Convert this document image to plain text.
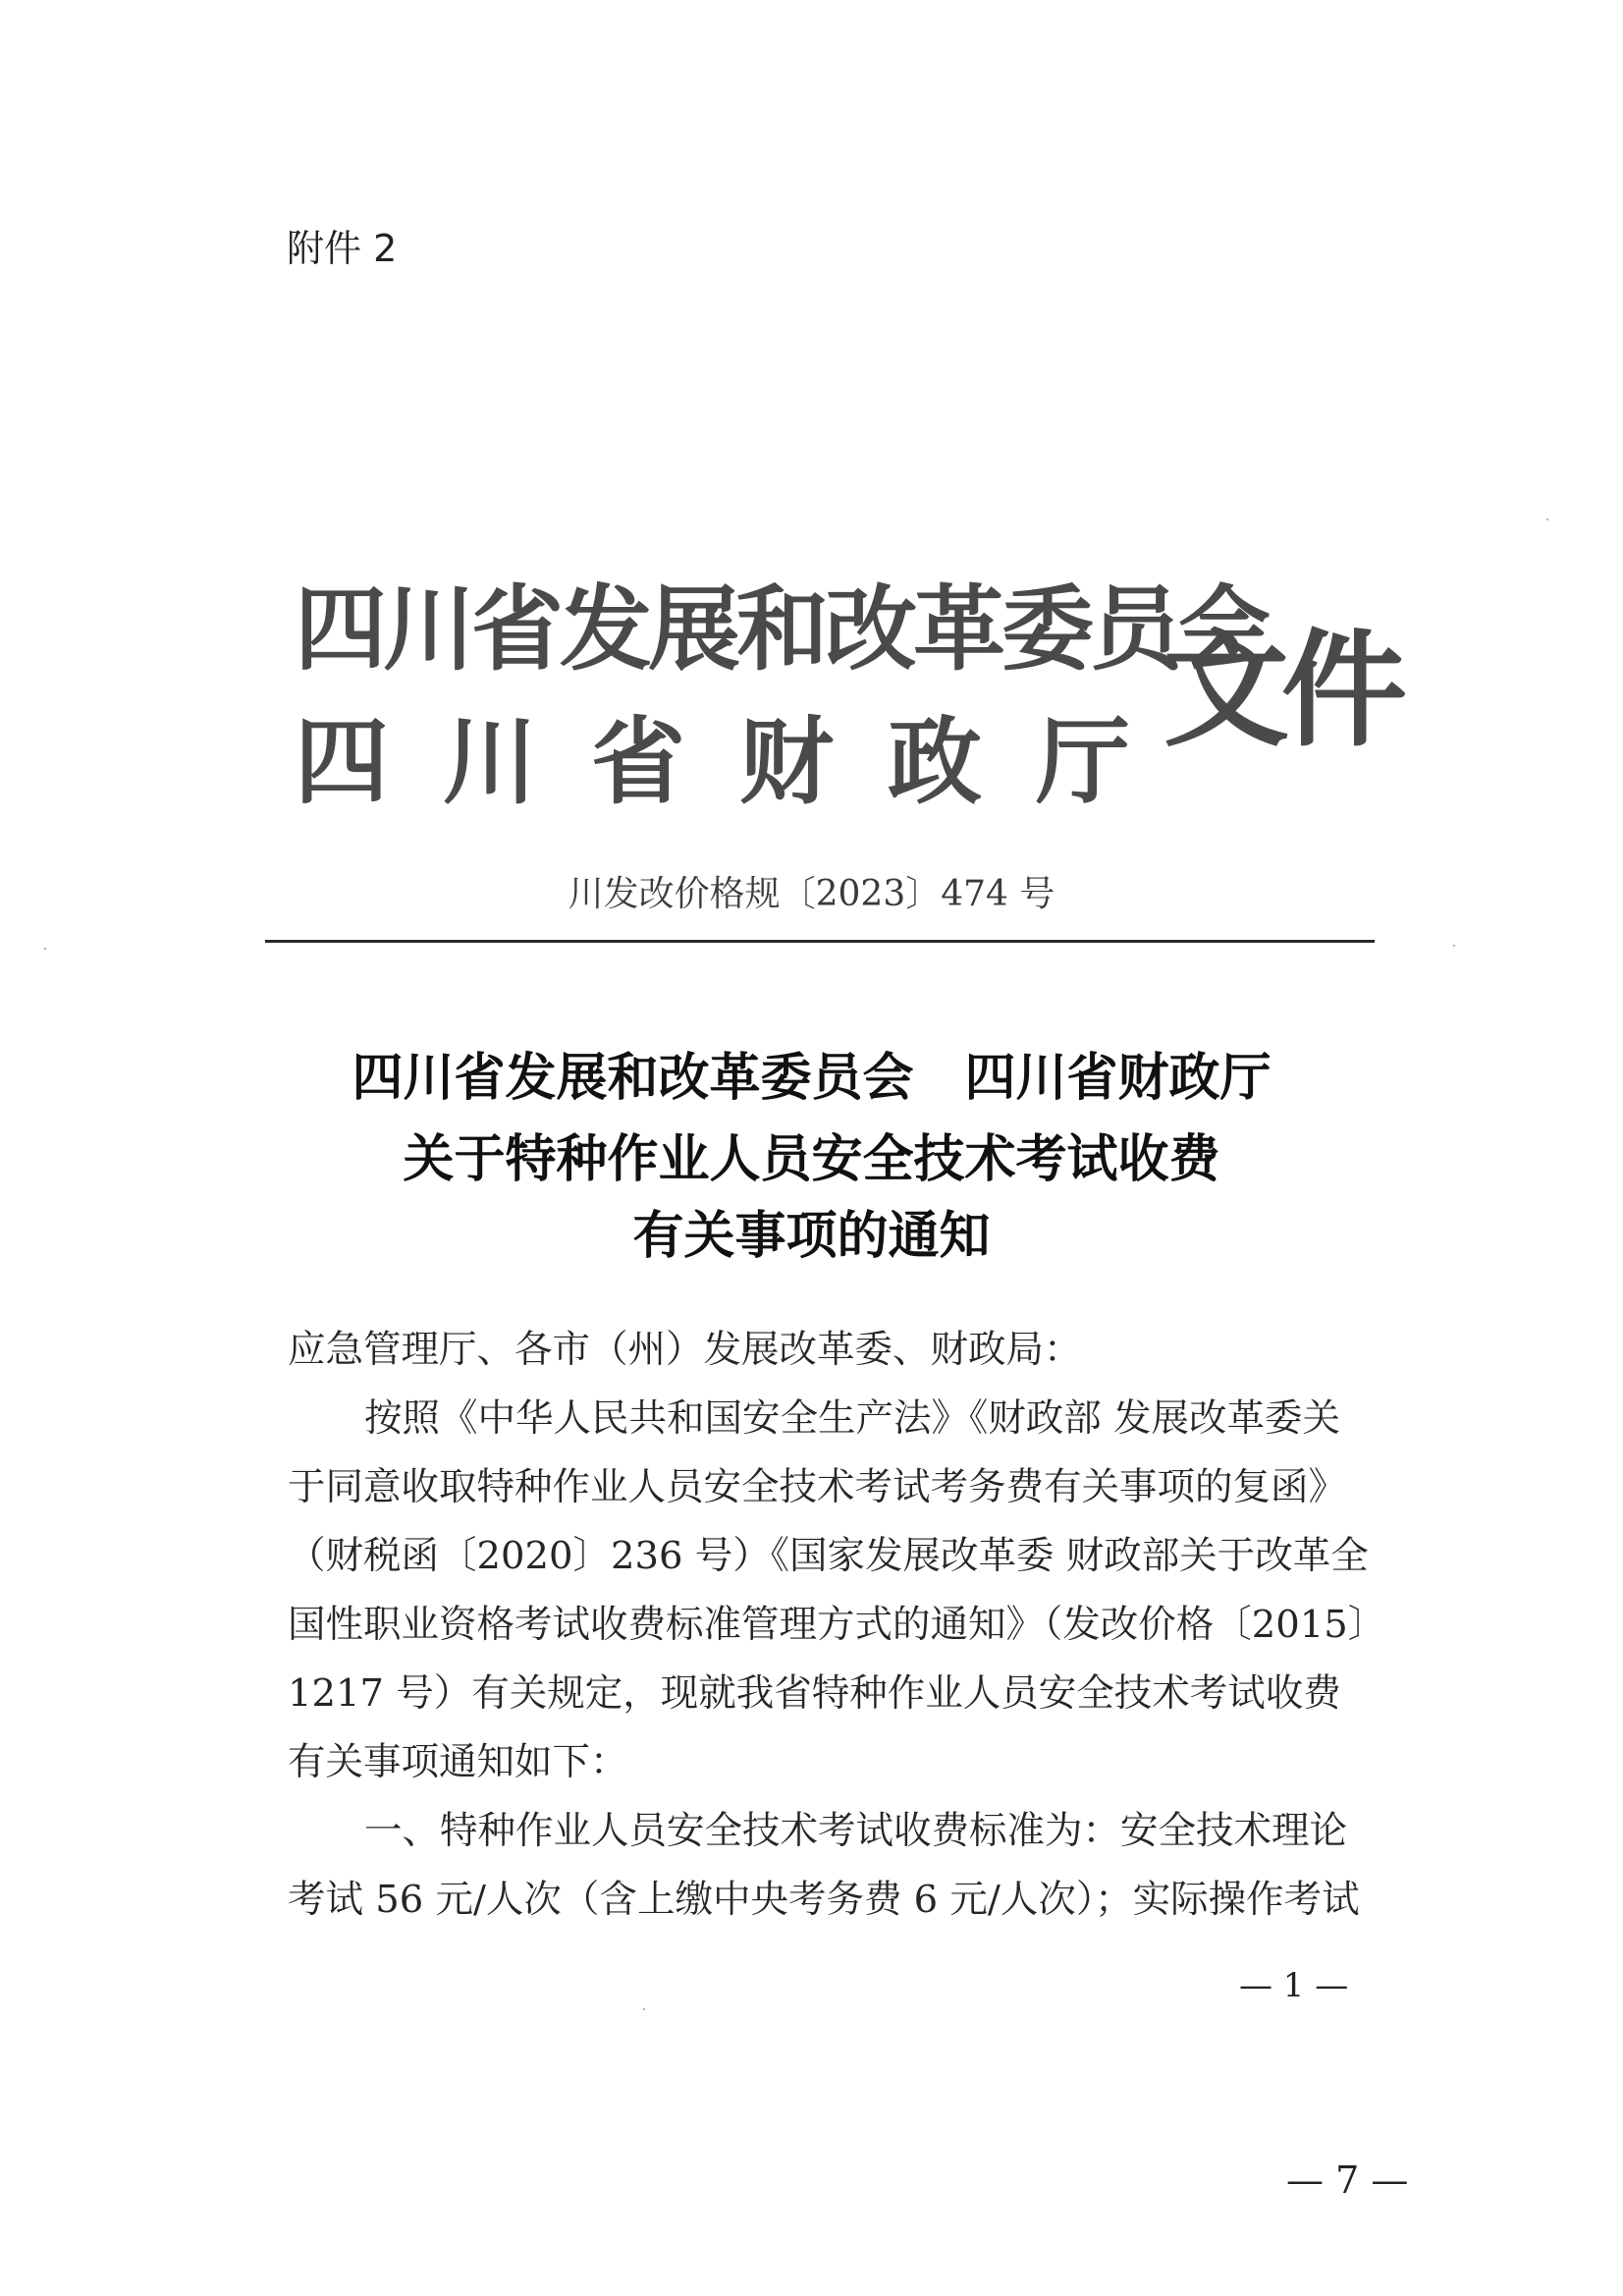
附件 2
四川省发展和改革委员会
四川省财政厅
文件
川发改价格规〔2023〕474 号
四川省发展和改革委员会　四川省财政厅
关于特种作业人员安全技术考试收费
有关事项的通知

应急管理厅、各市（州）发展改革委、财政局：

按照《中华人民共和国安全生产法》《财政部 发展改革委关于同意收取特种作业人员安全技术考试考务费有关事项的复函》（财税函〔2020〕236 号）《国家发展改革委 财政部关于改革全国性职业资格考试收费标准管理方式的通知》（发改价格〔2015〕1217 号）有关规定，现就我省特种作业人员安全技术考试收费有关事项通知如下：

一、特种作业人员安全技术考试收费标准为：安全技术理论考试 56 元/人次（含上缴中央考务费 6 元/人次）；实际操作考试

— 1 —
— 7 —
